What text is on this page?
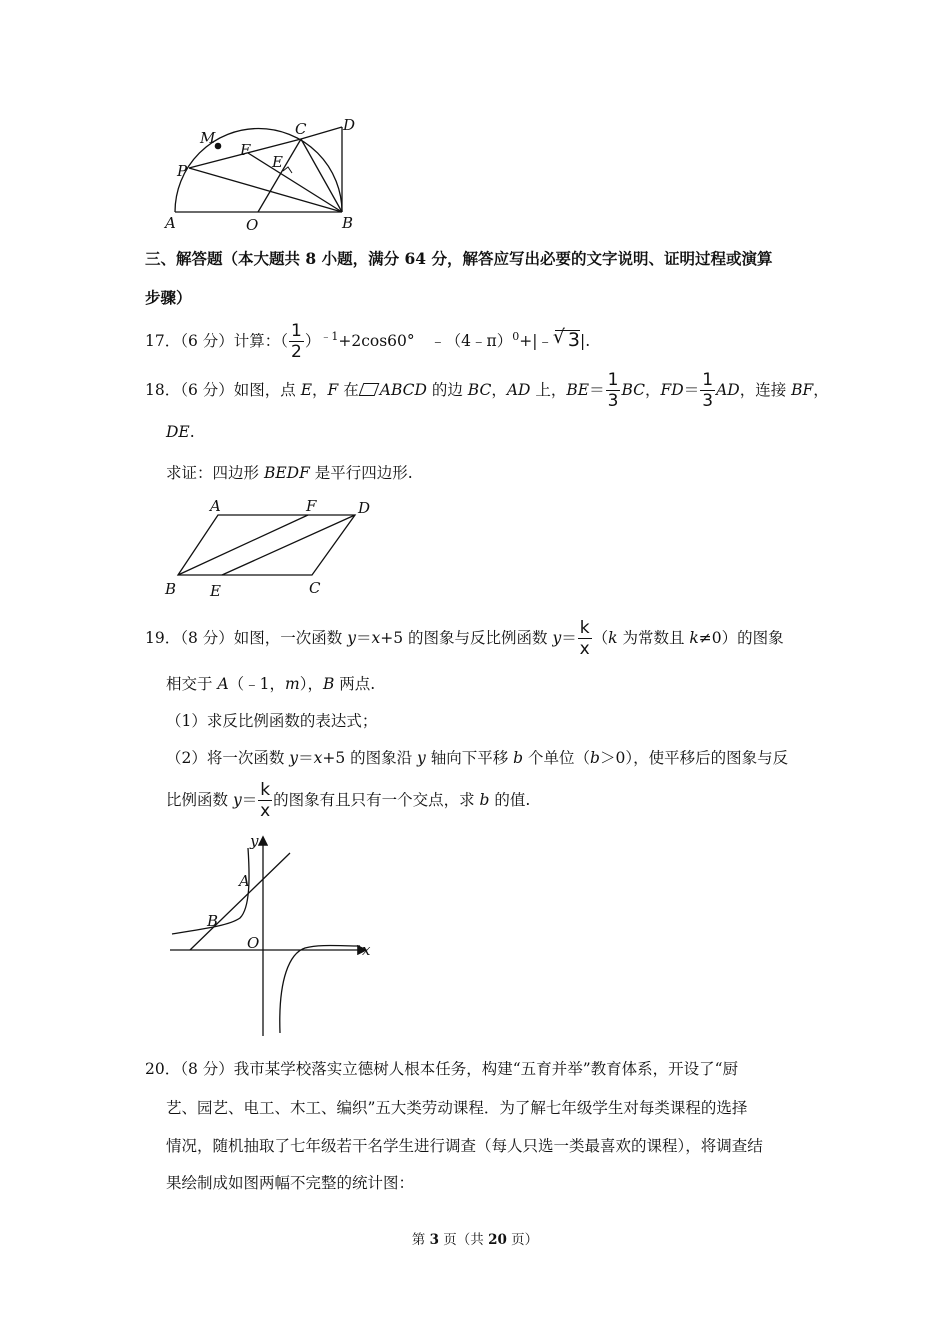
M	C D
F
E
P
A	O	B
三、解答题（本大题共 8 小题，满分 64 分，解答应写出必要的文字说明、证明过程或演算
步骤）
17．（6 分）计算：（ $\frac{1}{2} )^{﹣1}+2\cos 60^\circ$　﹣（4﹣π）$^0$+|﹣√ 3|.
18．（6 分）如图，点 E，F 在 ABCD 的边 BC，AD 上，$BE= \frac{1}{3}$ BC，$FD= \frac{1}{3}$ AD，连接 BF，
DE.
求证：四边形 BEDF 是平行四边形.
A	F	D
B E	C
19．（8 分）如图，一次函数 y＝x+5 的图象与反比例函数 $y= \frac{k}{x} (k$ 为常数且 k≠0）的图象
相交于 A（﹣1，m），B 两点.
（1）求反比例函数的表达式；
（2）将一次函数 y＝x+5 的图象沿 y 轴向下平移 b 个单位（b＞0），使平移后的图象与反
比例函数 $y= \frac{k}{x}$ 的图象有且只有一个交点，求 b 的值.
y
A
B
O	x
20．（8 分）我市某学校落实立德树人根本任务，构建“五育并举”教育体系，开设了“厨
艺、园艺、电工、木工、编织”五大类劳动课程．为了解七年级学生对每类课程的选择
情况，随机抽取了七年级若干名学生进行调查（每人只选一类最喜欢的课程），将调查结
果绘制成如图两幅不完整的统计图：
第 3 页（共 20 页）
